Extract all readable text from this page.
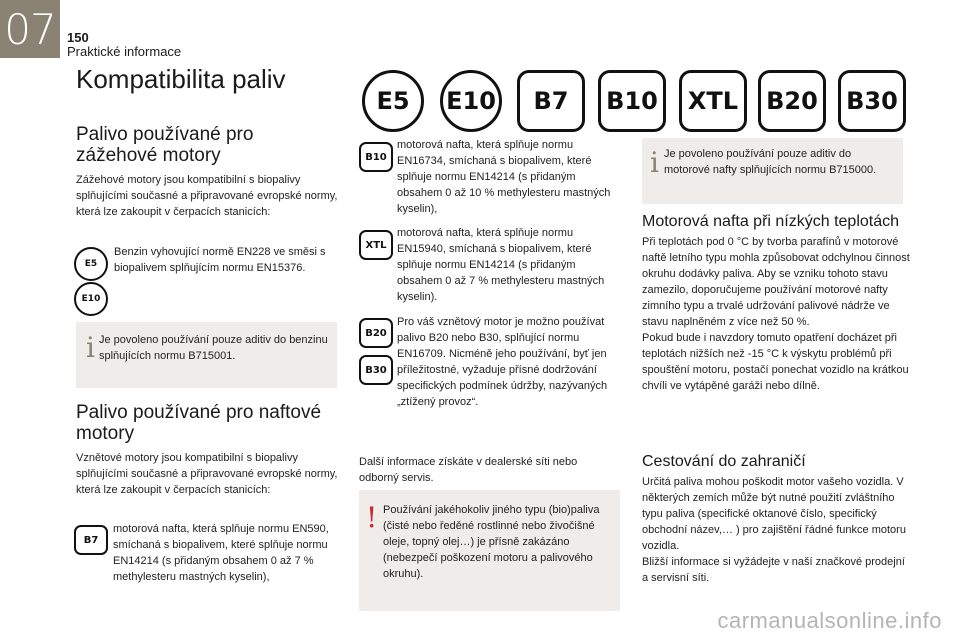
07 150
Praktické informace
Kompatibilita paliv
E5	E10	B7	B10	XTL	B20	B30
Palivo používané pro zážehové motory
Zážehové motory jsou kompatibilní s biopalivy splňujícími současné a připravované evropské normy, která lze zakoupit v čerpacích stanicích:
E5
Benzin vyhovující normě EN228 ve směsi s biopalivem splňujícím normu EN15376.
E10
i Je povoleno používání pouze aditiv do benzinu splňujících normu B715001.
Palivo používané pro naftové motory
Vznětové motory jsou kompatibilní s biopalivy splňujícími současné a připravované evropské normy, která lze zakoupit v čerpacích stanicích:
B7
motorová nafta, která splňuje normu EN590, smíchaná s biopalivem, které splňuje normu EN14214 (s přidaným obsahem 0 až 7 % methylesteru mastných kyselin),
B10
motorová nafta, která splňuje normu EN16734, smíchaná s biopalivem, které splňuje normu EN14214 (s přidaným obsahem 0 až 10 % methylesteru mastných kyselin),
XTL
motorová nafta, která splňuje normu EN15940, smíchaná s biopalivem, které splňuje normu EN14214 (s přidaným obsahem 0 až 7 % methylesteru mastných kyselin).
B20
B30
Pro váš vznětový motor je možno používat palivo B20 nebo B30, splňující normu EN16709. Nicméně jeho používání, byť jen příležitostné, vyžaduje přísné dodržování specifických podmínek údržby, nazývaných „ztížený provoz“.
Další informace získáte v dealerské síti nebo odborný servis.
! Používání jakéhokoliv jiného typu (bio)paliva (čisté nebo ředěné rostlinné nebo živočišné oleje, topný olej…) je přísně zakázáno (nebezpečí poškození motoru a palivového okruhu).
i Je povoleno používání pouze aditiv do motorové nafty splňujících normu B715000.
Motorová nafta při nízkých teplotách
Při teplotách pod 0 °C by tvorba parafínů v motorové naftě letního typu mohla způsobovat odchylnou činnost okruhu dodávky paliva. Aby se vzniku tohoto stavu zamezilo, doporučujeme používání motorové nafty zimního typu a trvalé udržování palivové nádrže ve stavu naplněném z více než 50 %.
Pokud bude i navzdory tomuto opatření docházet při teplotách nižších než -15 °C k výskytu problémů při spouštění motoru, postačí ponechat vozidlo na krátkou chvíli ve vytápěné garáži nebo dílně.
Cestování do zahraničí
Určitá paliva mohou poškodit motor vašeho vozidla. V některých zemích může být nutné použití zvláštního typu paliva (specifické oktanové číslo, specifický obchodní název,… ) pro zajištění řádné funkce motoru vozidla.
Bližší informace si vyžádejte v naší značkové prodejní a servisní síti.
carmanualsonline.info
